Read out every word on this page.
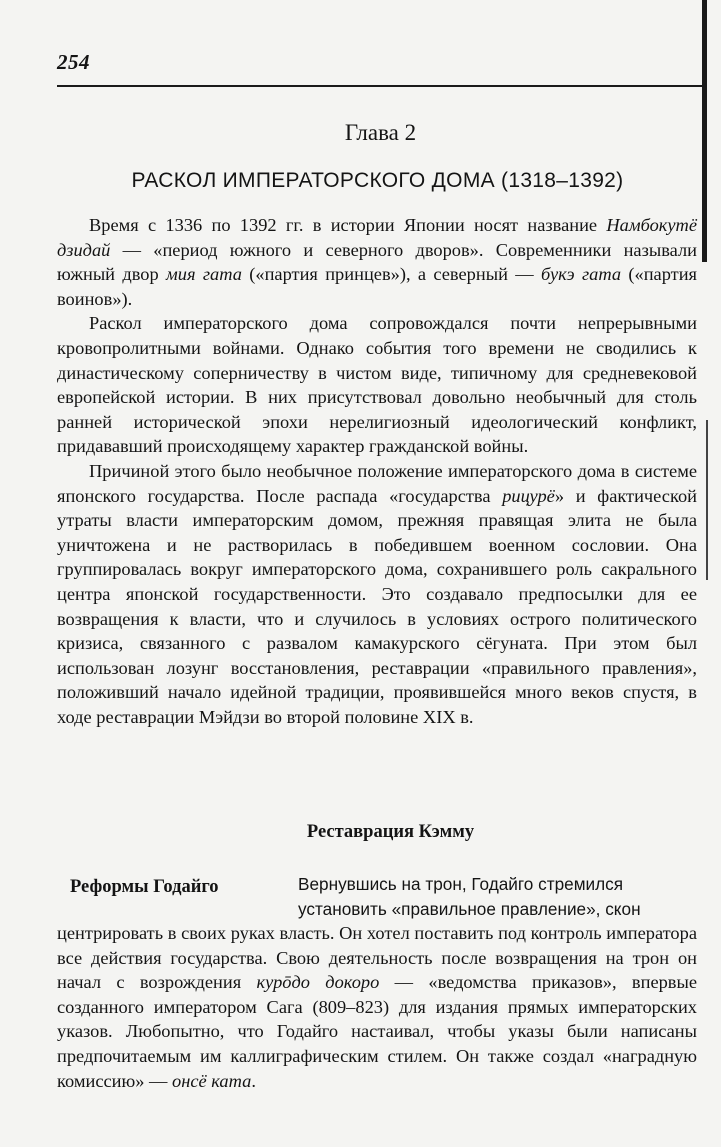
254
Глава 2
РАСКОЛ ИМПЕРАТОРСКОГО ДОМА (1318–1392)

Время с 1336 по 1392 гг. в истории Японии носят название Намбокутё дзидай — «период южного и северного дворов». Современники называли южный двор мия гата («партия принцев»), а северный — букэ гата («партия воинов»).

Раскол императорского дома сопровождался почти непрерывными кровопролитными войнами. Однако события того времени не сводились к династическому соперничеству в чистом виде, типичному для средневековой европейской истории. В них присутствовал довольно необычный для столь ранней исторической эпохи нерелигиозный идеологический конфликт, придававший происходящему характер гражданской войны.

Причиной этого было необычное положение императорского дома в системе японского государства. После распада «государства рицурё» и фактической утраты власти императорским домом, прежняя правящая элита не была уничтожена и не растворилась в победившем военном сословии. Она группировалась вокруг императорского дома, сохранившего роль сакрального центра японской государственности. Это создавало предпосылки для ее возвращения к власти, что и случилось в условиях острого политического кризиса, связанного с развалом камакурского сёгуната. При этом был использован лозунг восстановления, реставрации «правильного правления», положивший начало идейной традиции, проявившейся много веков спустя, в ходе реставрации Мэйдзи во второй половине XIX в.

Реставрация Кэмму
Реформы Годайго	Вернувшись на трон, Годайго стремился
установить «правильное правление», скон

центрировать в своих руках власть. Он хотел поставить под контроль императора все действия государства. Свою деятельность после возвращения на трон он начал с возрождения курōдо докоро — «ведомства приказов», впервые созданного императором Сага (809–823) для издания прямых императорских указов. Любопытно, что Годайго настаивал, чтобы указы были написаны предпочитаемым им каллиграфическим стилем. Он также создал «наградную комиссию» — онсё ката.
